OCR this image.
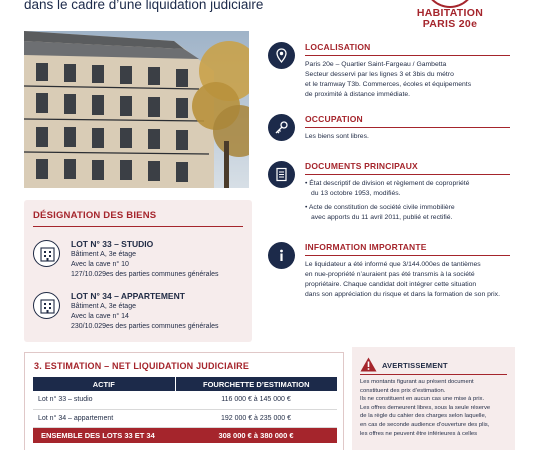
dans le cadre d’une liquidation judiciaire
HABITATION
PARIS 20e
DÉSIGNATION DES BIENS
LOT N° 33 – STUDIO
Bâtiment A, 3e étage
Avec la cave n° 10
127/10.029es des parties communes générales
LOT N° 34 – APPARTEMENT
Bâtiment A, 3e étage
Avec la cave n° 14
230/10.029es des parties communes générales
LOCALISATION
Paris 20e – Quartier Saint-Fargeau / Gambetta
Secteur desservi par les lignes 3 et 3bis du métro
et le tramway T3b. Commerces, écoles et équipements
de proximité à distance immédiate.
OCCUPATION
Les biens sont libres.
DOCUMENTS PRINCIPAUX
• État descriptif de division et règlement de copropriété
du 13 octobre 1953, modifiés.
• Acte de constitution de société civile immobilière
avec apports du 11 avril 2011, publié et rectifié.
INFORMATION IMPORTANTE
Le liquidateur a été informé que 3/144.000es de tantièmes
en nue-propriété n’auraient pas été transmis à la société
propriétaire. Chaque candidat doit intégrer cette situation
dans son appréciation du risque et dans la formation de son prix.
3. ESTIMATION – NET LIQUIDATION JUDICIAIRE
ACTIF	FOURCHETTE D’ESTIMATION
Lot n° 33 – studio	116 000 € à 145 000 €
Lot n° 34 – appartement	192 000 € à 235 000 €
ENSEMBLE DES LOTS 33 ET 34	308 000 € à 380 000 €
AVERTISSEMENT
Les montants figurant au présent document
constituent des prix d’estimation.
Ils ne constituent en aucun cas une mise à prix.
Les offres demeurent libres, sous la seule réserve
de la règle du cahier des charges selon laquelle,
en cas de seconde audience d’ouverture des plis,
les offres ne peuvent être inférieures à celles
